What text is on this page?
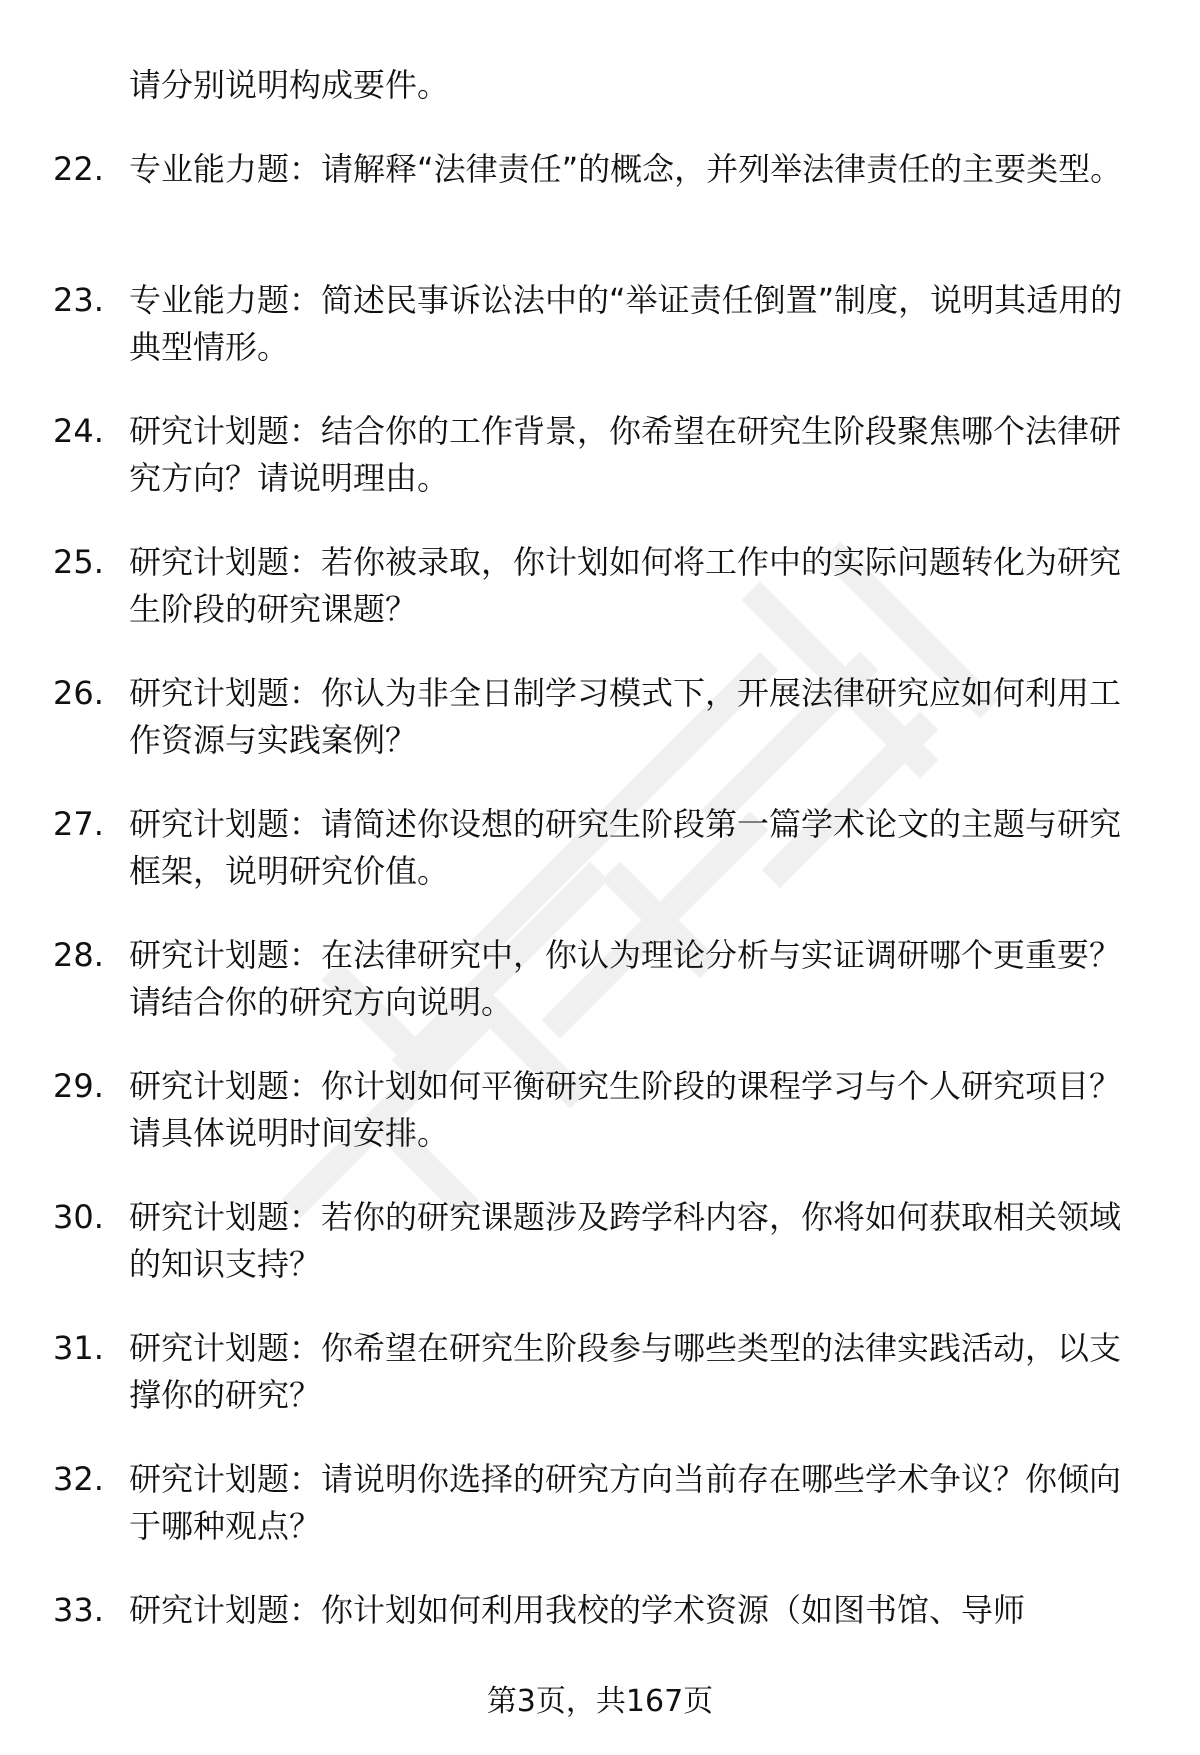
请分别说明构成要件。
22. 专业能力题：请解释“法律责任”的概念，并列举法律责任的主要类型。
23. 专业能力题：简述民事诉讼法中的“举证责任倒置”制度，说明其适用的典型情形。
24. 研究计划题：结合你的工作背景，你希望在研究生阶段聚焦哪个法律研究方向？请说明理由。
25. 研究计划题：若你被录取，你计划如何将工作中的实际问题转化为研究生阶段的研究课题？
26. 研究计划题：你认为非全日制学习模式下，开展法律研究应如何利用工作资源与实践案例？
27. 研究计划题：请简述你设想的研究生阶段第一篇学术论文的主题与研究框架，说明研究价值。
28. 研究计划题：在法律研究中，你认为理论分析与实证调研哪个更重要？请结合你的研究方向说明。
29. 研究计划题：你计划如何平衡研究生阶段的课程学习与个人研究项目？请具体说明时间安排。
30. 研究计划题：若你的研究课题涉及跨学科内容，你将如何获取相关领域的知识支持？
31. 研究计划题：你希望在研究生阶段参与哪些类型的法律实践活动，以支撑你的研究？
32. 研究计划题：请说明你选择的研究方向当前存在哪些学术争议？你倾向于哪种观点？
33. 研究计划题：你计划如何利用我校的学术资源（如图书馆、导师
第3页，共167页
